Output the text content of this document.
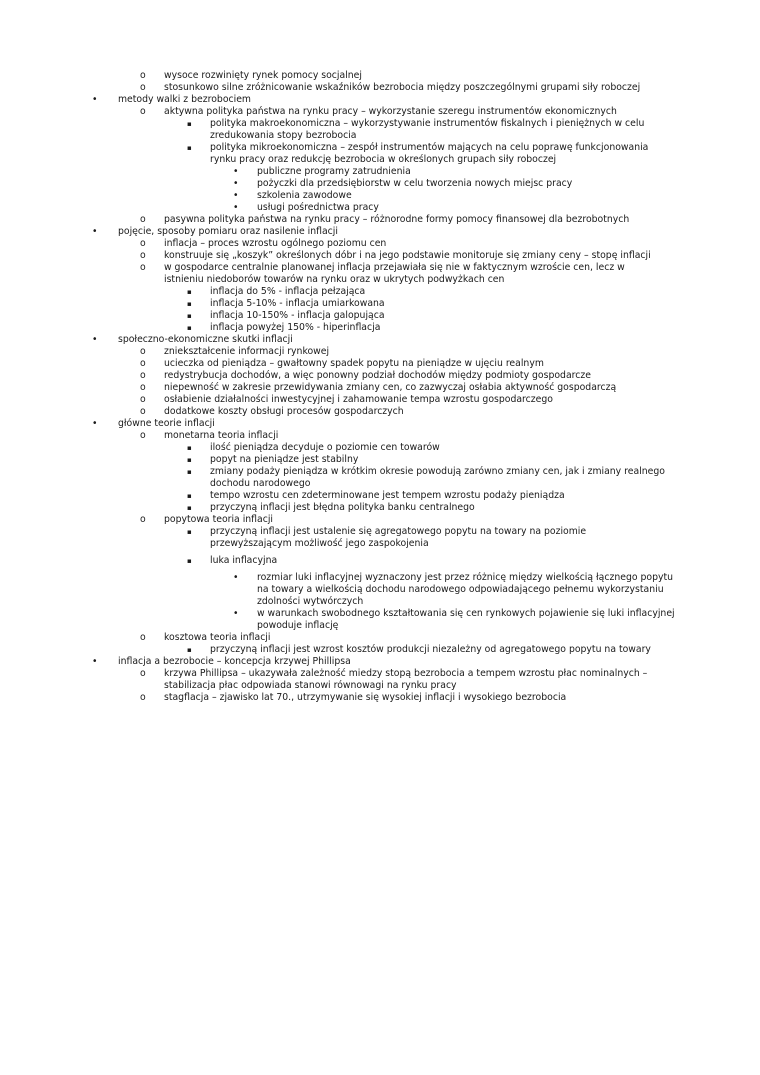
o wysoce rozwinięty rynek pomocy socjalnej
o stosunkowo silne zróżnicowanie wskaźników bezrobocia między poszczególnymi grupami siły roboczej
• metody walki z bezrobociem
o aktywna polityka państwa na rynku pracy – wykorzystanie szeregu instrumentów ekonomicznych
▪ polityka makroekonomiczna – wykorzystywanie instrumentów fiskalnych i pieniężnych w celu zredukowania stopy bezrobocia
▪ polityka mikroekonomiczna – zespół instrumentów mających na celu poprawę funkcjonowania rynku pracy oraz redukcję bezrobocia w określonych grupach siły roboczej
• publiczne programy zatrudnienia
• pożyczki dla przedsiębiorstw w celu tworzenia nowych miejsc pracy
• szkolenia zawodowe
• usługi pośrednictwa pracy
o pasywna polityka państwa na rynku pracy – różnorodne formy pomocy finansowej dla bezrobotnych
• pojęcie, sposoby pomiaru oraz nasilenie inflacji
o inflacja – proces wzrostu ogólnego poziomu cen
o konstruuje się „koszyk” określonych dóbr i na jego podstawie monitoruje się zmiany ceny – stopę inflacji
o w gospodarce centralnie planowanej inflacja przejawiała się nie w faktycznym wzroście cen, lecz w istnieniu niedoborów towarów na rynku oraz w ukrytych podwyżkach cen
▪ inflacja do 5% - inflacja pełzająca
▪ inflacja 5-10% - inflacja umiarkowana
▪ inflacja 10-150% - inflacja galopująca
▪ inflacja powyżej 150% - hiperinflacja
• społeczno-ekonomiczne skutki inflacji
o zniekształcenie informacji rynkowej
o ucieczka od pieniądza – gwałtowny spadek popytu na pieniądze w ujęciu realnym
o redystrybucja dochodów, a więc ponowny podział dochodów między podmioty gospodarcze
o niepewność w zakresie przewidywania zmiany cen, co zazwyczaj osłabia aktywność gospodarczą
o osłabienie działalności inwestycyjnej i zahamowanie tempa wzrostu gospodarczego
o dodatkowe koszty obsługi procesów gospodarczych
• główne teorie inflacji
o monetarna teoria inflacji
▪ ilość pieniądza decyduje o poziomie cen towarów
▪ popyt na pieniądze jest stabilny
▪ zmiany podaży pieniądza w krótkim okresie powodują zarówno zmiany cen, jak i zmiany realnego dochodu narodowego
▪ tempo wzrostu cen zdeterminowane jest tempem wzrostu podaży pieniądza
▪ przyczyną inflacji jest błędna polityka banku centralnego
o popytowa teoria inflacji
▪ przyczyną inflacji jest ustalenie się agregatowego popytu na towary na poziomie przewyższającym możliwość jego zaspokojenia
▪ luka inflacyjna
• rozmiar luki inflacyjnej wyznaczony jest przez różnicę między wielkością łącznego popytu na towary a wielkością dochodu narodowego odpowiadającego pełnemu wykorzystaniu zdolności wytwórczych
• w warunkach swobodnego kształtowania się cen rynkowych pojawienie się luki inflacyjnej powoduje inflację
o kosztowa teoria inflacji
▪ przyczyną inflacji jest wzrost kosztów produkcji niezależny od agregatowego popytu na towary
• inflacja a bezrobocie – koncepcja krzywej Phillipsa
o krzywa Phillipsa – ukazywała zależność miedzy stopą bezrobocia a tempem wzrostu płac nominalnych – stabilizacja płac odpowiada stanowi równowagi na rynku pracy
o stagflacja – zjawisko lat 70., utrzymywanie się wysokiej inflacji i wysokiego bezrobocia
